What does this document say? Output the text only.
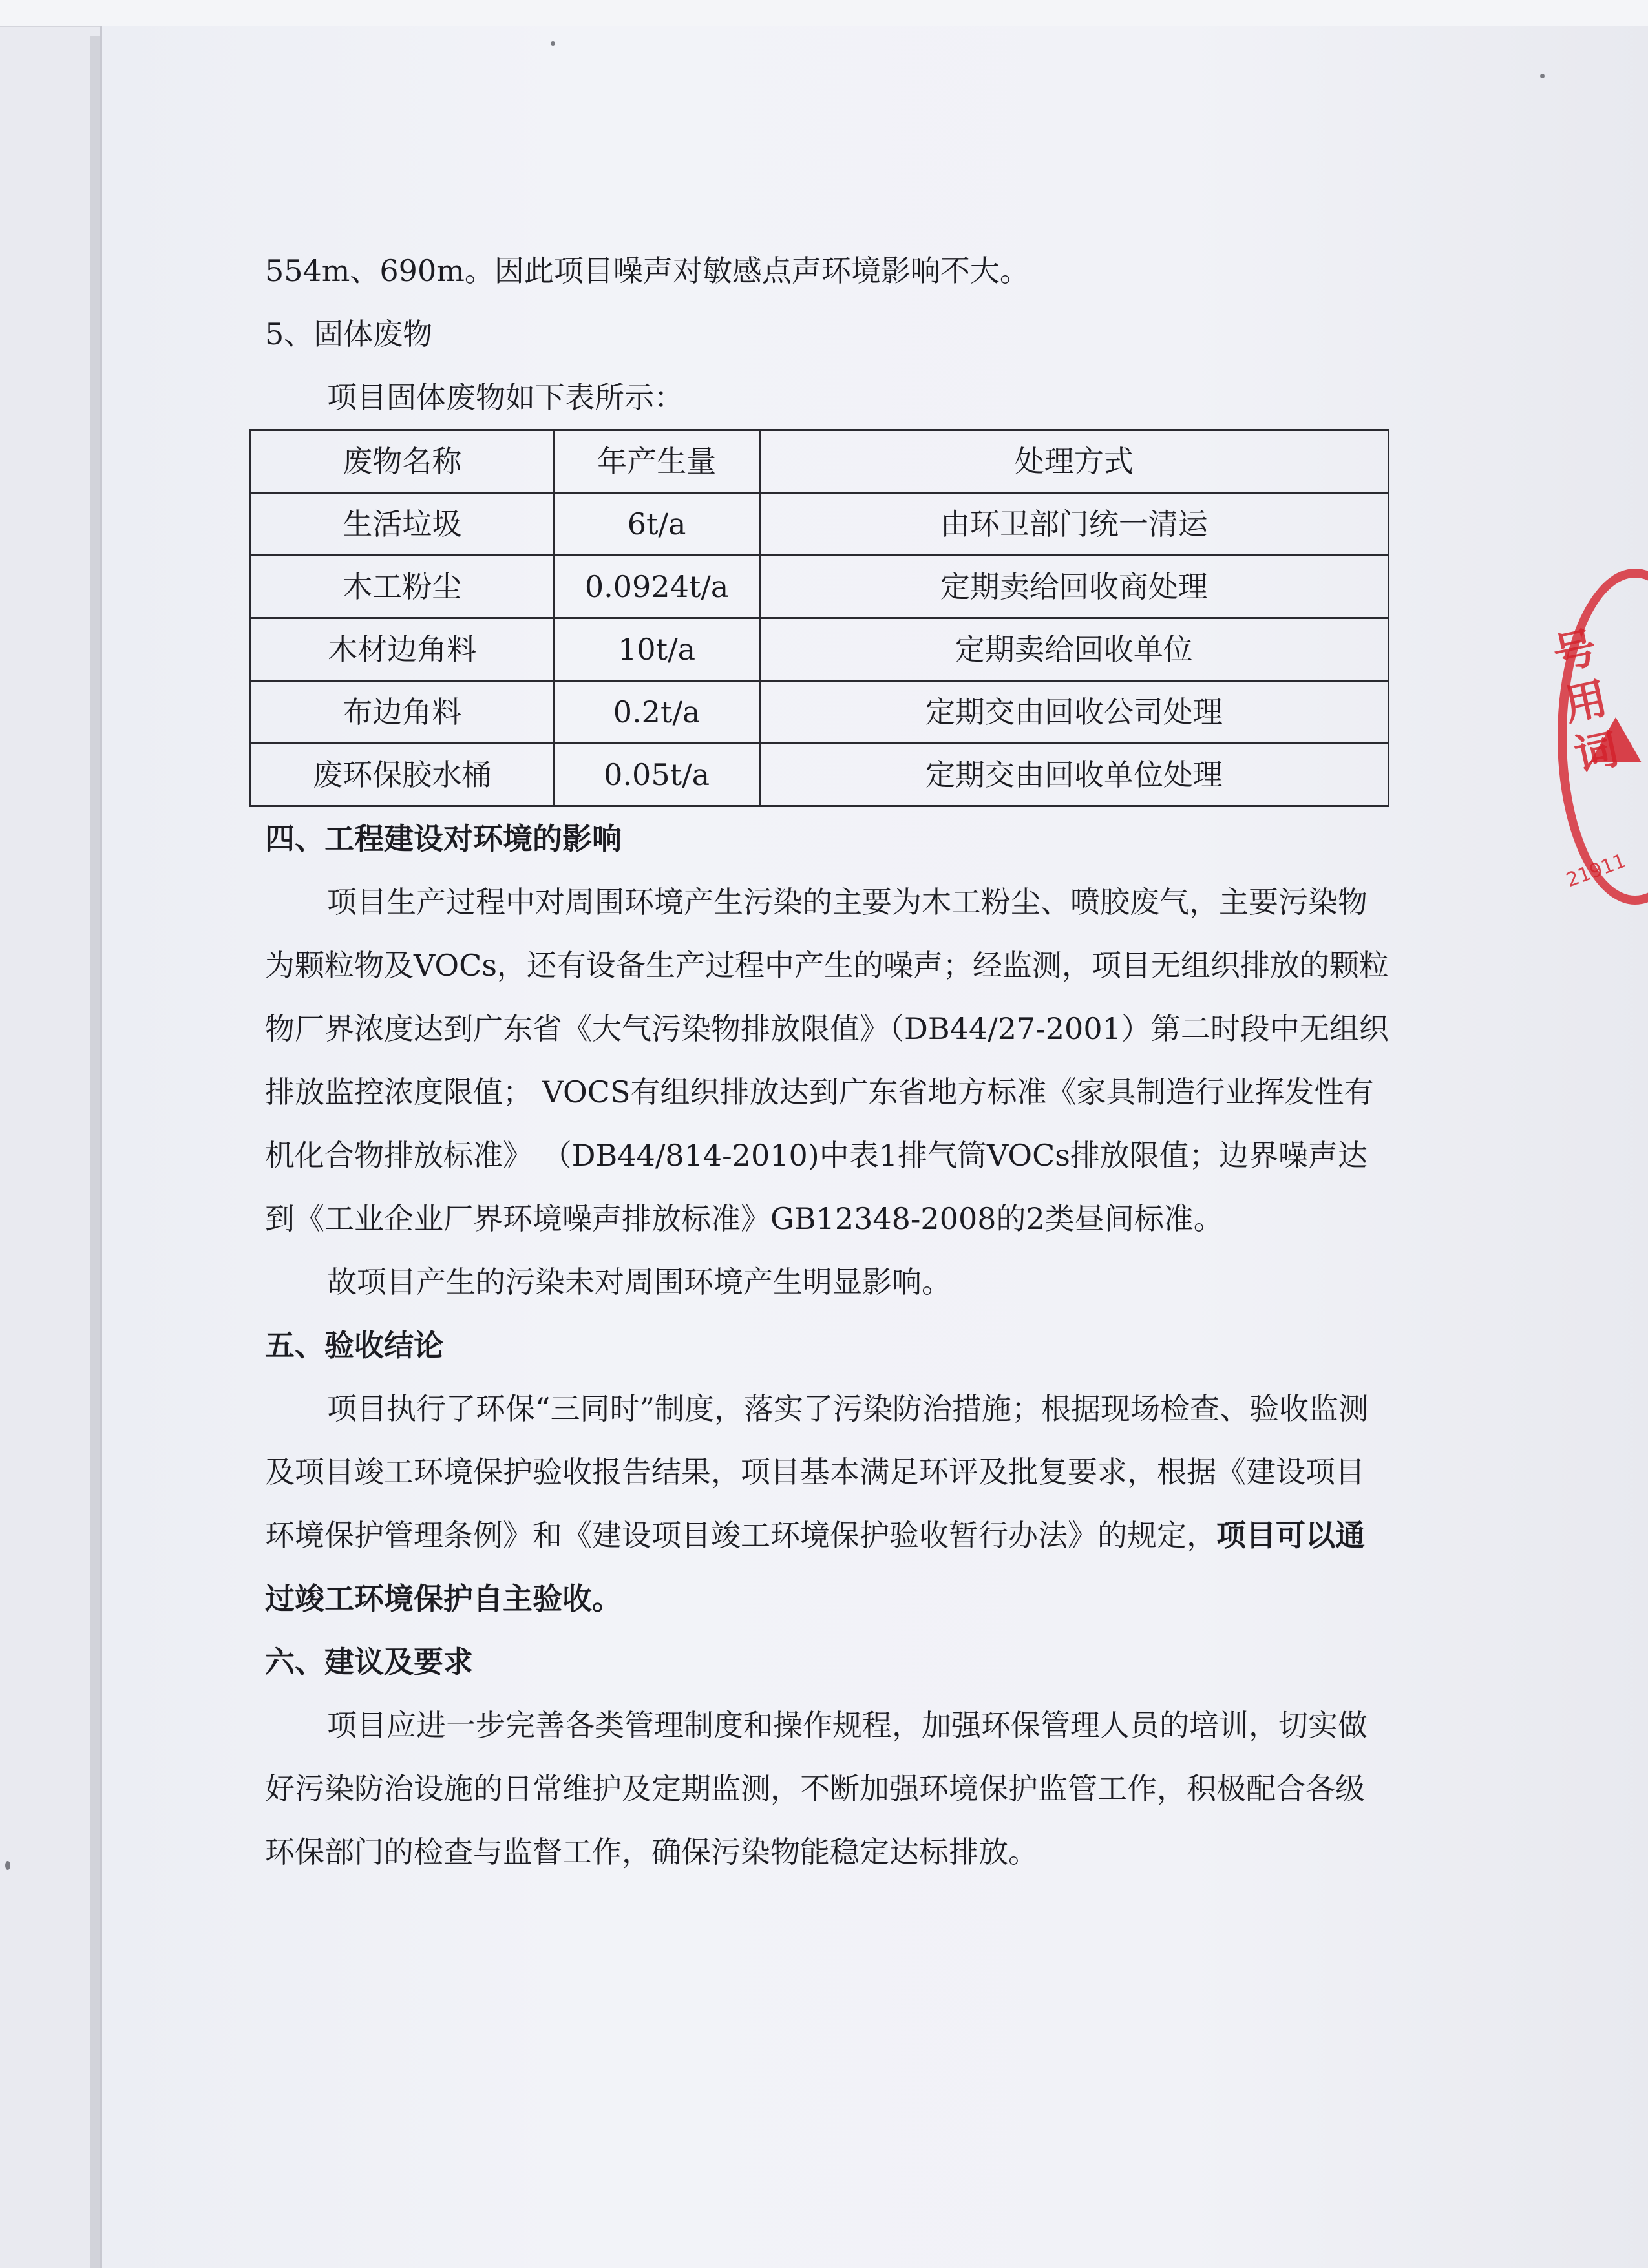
554m、690m。因此项目噪声对敏感点声环境影响不大。

5、固体废物

项目固体废物如下表所示：

废物名称	年产生量	处理方式
生活垃圾	6t/a	由环卫部门统一清运
木工粉尘	0.0924t/a	定期卖给回收商处理
木材边角料	10t/a	定期卖给回收单位
布边角料	0.2t/a	定期交由回收公司处理
废环保胶水桶	0.05t/a	定期交由回收单位处理

四、工程建设对环境的影响

项目生产过程中对周围环境产生污染的主要为木工粉尘、喷胶废气，主要污染物为颗粒物及VOCs，还有设备生产过程中产生的噪声；经监测，项目无组织排放的颗粒物厂界浓度达到广东省《大气污染物排放限值》（DB44/27-2001）第二时段中无组织排放监控浓度限值； VOCS有组织排放达到广东省地方标准《家具制造行业挥发性有机化合物排放标准》 （DB44/814-2010)中表1排气筒VOCs排放限值；边界噪声达到《工业企业厂界环境噪声排放标准》GB12348-2008的2类昼间标准。

故项目产生的污染未对周围环境产生明显影响。

五、验收结论

项目执行了环保“三同时”制度，落实了污染防治措施；根据现场检查、验收监测及项目竣工环境保护验收报告结果，项目基本满足环评及批复要求，根据《建设项目环境保护管理条例》和《建设项目竣工环境保护验收暂行办法》的规定，项目可以通过竣工环境保护自主验收。

六、建议及要求

项目应进一步完善各类管理制度和操作规程，加强环保管理人员的培训，切实做好污染防治设施的日常维护及定期监测，不断加强环境保护监管工作，积极配合各级环保部门的检查与监督工作，确保污染物能稳定达标排放。

号用词
21911
